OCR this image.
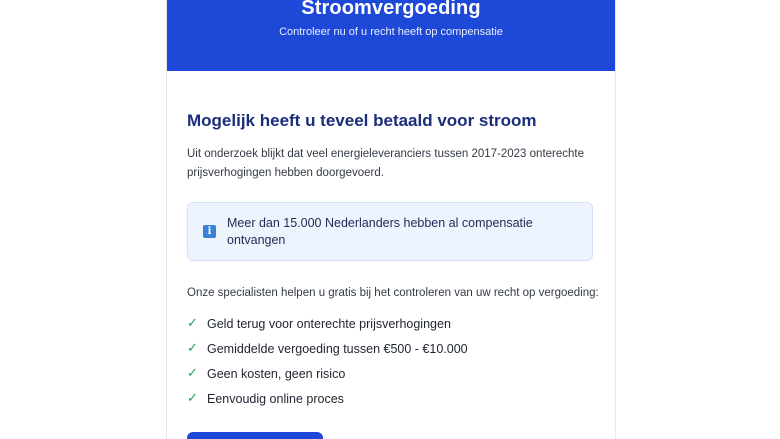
Stroomvergoeding
Controleer nu of u recht heeft op compensatie
Mogelijk heeft u teveel betaald voor stroom

Uit onderzoek blijkt dat veel energieleveranciers tussen 2017-2023 onterechte prijsverhogingen hebben doorgevoerd.

i
Meer dan 15.000 Nederlanders hebben al compensatie ontvangen

Onze specialisten helpen u gratis bij het controleren van uw recht op vergoeding:

✓ Geld terug voor onterechte prijsverhogingen
✓ Gemiddelde vergoeding tussen €500 - €10.000
✓ Geen kosten, geen risico
✓ Eenvoudig online proces
